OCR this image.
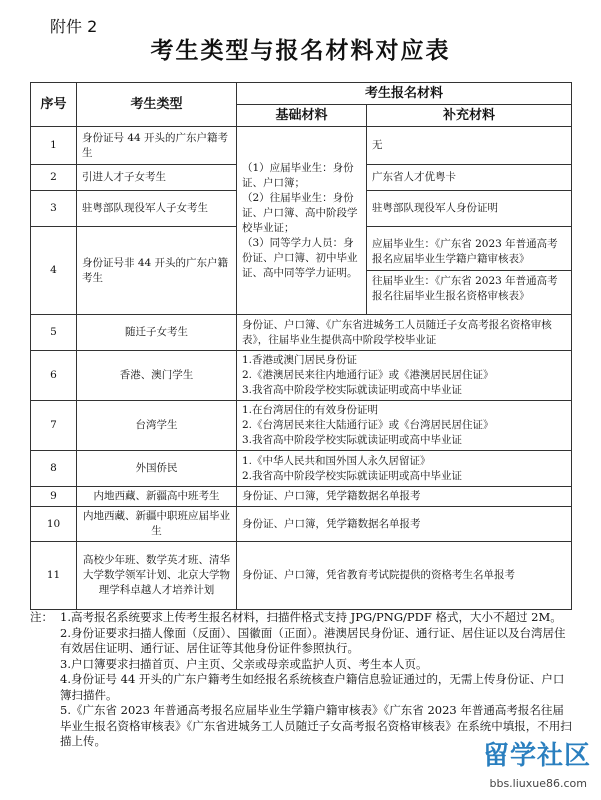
附件 2
考生类型与报名材料对应表
序号	考生类型	考生报名材料	
		基础材料	补充材料
1	身份证号 44 开头的广东户籍考生	（1）应届毕业生：身份证、户口簿；
（2）往届毕业生：身份证、户口簿、高中阶段学校毕业证；
（3）同等学力人员：身份证、户口簿、初中毕业证、高中同等学力证明。	无
2	引进人才子女考生		广东省人才优粤卡
3	驻粤部队现役军人子女考生		驻粤部队现役军人身份证明
4	身份证号非 44 开头的广东户籍考生		应届毕业生：《广东省 2023 年普通高考报名应届毕业生学籍户籍审核表》
往届毕业生：《广东省 2023 年普通高考报名往届毕业生报名资格审核表》

5	随迁子女考生	身份证、户口簿、《广东省进城务工人员随迁子女高考报名资格审核表》，往届毕业生提供高中阶段学校毕业证	
6	香港、澳门学生	1.香港或澳门居民身份证
2.《港澳居民来往内地通行证》或《港澳居民居住证》
3.我省高中阶段学校实际就读证明或高中毕业证	

7	台湾学生	1.在台湾居住的有效身份证明
2.《台湾居民来往大陆通行证》或《台湾居民居住证》
3.我省高中阶段学校实际就读证明或高中毕业证	

8	外国侨民	1.《中华人民共和国外国人永久居留证》
2.我省高中阶段学校实际就读证明或高中毕业证	

9	内地西藏、新疆高中班考生	身份证、户口簿，凭学籍数据名单报考	
10	内地西藏、新疆中职班应届毕业生	身份证、户口簿，凭学籍数据名单报考	
11	高校少年班、数学英才班、清华大学数学领军计划、北京大学物理学科卓越人才培养计划	身份证、户口簿，凭省教育考试院提供的资格考生名单报考	
注： 1.高考报名系统要求上传考生报名材料，扫描件格式支持 JPG/PNG/PDF 格式，大小不超过 2M。
2.身份证要求扫描人像面（反面）、国徽面（正面）。港澳居民身份证、通行证、居住证以及台湾居住有效居住证明、通行证、居住证等其他身份证件参照执行。
3.户口簿要求扫描首页、户主页、父亲或母亲或监护人页、考生本人页。
4.身份证号 44 开头的广东户籍考生如经报名系统核查户籍信息验证通过的，无需上传身份证、户口簿扫描件。
5.《广东省 2023 年普通高考报名应届毕业生学籍户籍审核表》《广东省 2023 年普通高考报名往届毕业生报名资格审核表》《广东省进城务工人员随迁子女高考报名资格审核表》在系统中填报，不用扫描上传。	留学社区
bbs.liuxue86.com
